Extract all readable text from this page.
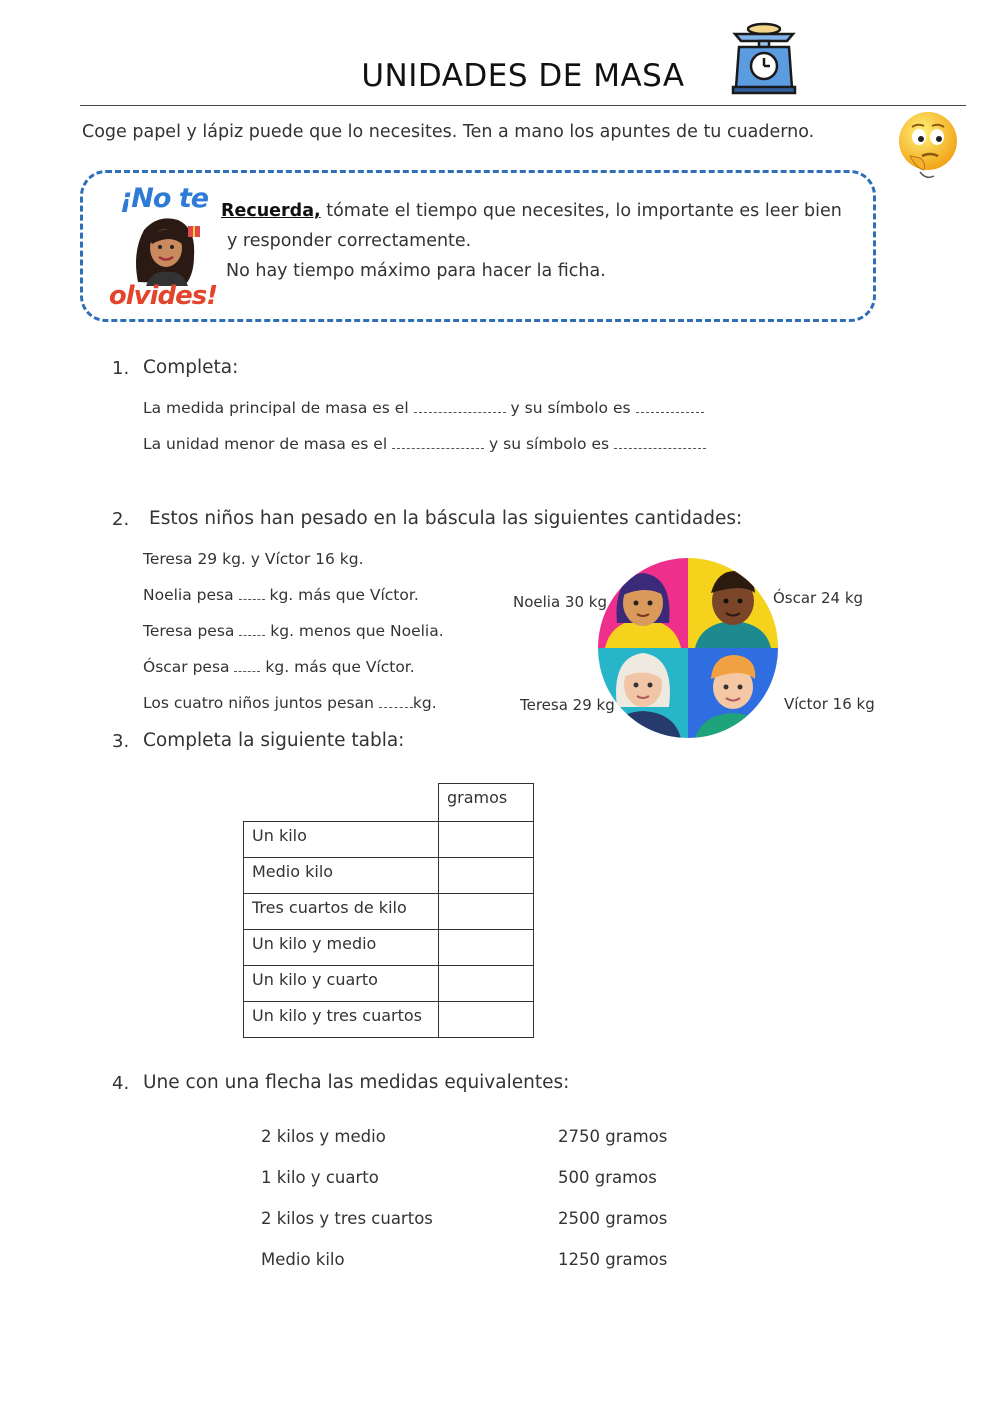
UNIDADES DE MASA
Coge papel y lápiz puede que lo necesites. Ten a mano los apuntes de tu cuaderno.
¡No te
olvides!
Recuerda, tómate el tiempo que necesites, lo importante es leer bien
y responder correctamente.
No hay tiempo máximo para hacer la ficha.
1. Completa:
La medida principal de masa es el	y su símbolo es
La unidad menor de masa es el	y su símbolo es
2. Estos niños han pesado en la báscula las siguientes cantidades:
Teresa 29 kg. y Víctor 16 kg.
Noelia pesa kg. más que Víctor.
Teresa pesa kg. menos que Noelia.
Óscar pesa kg. más que Víctor.
Los cuatro niños juntos pesan	kg.
Noelia 30 kg	Óscar 24 kg
Teresa 29 kg	Víctor 16 kg
3. Completa la siguiente tabla:
	gramos
Un kilo	
Medio kilo	
Tres cuartos de kilo	
Un kilo y medio	
Un kilo y cuarto	
Un kilo y tres cuartos	
4. Une con una flecha las medidas equivalentes:
2 kilos y medio
1 kilo y cuarto
2 kilos y tres cuartos
Medio kilo
2750 gramos
500 gramos
2500 gramos
1250 gramos
